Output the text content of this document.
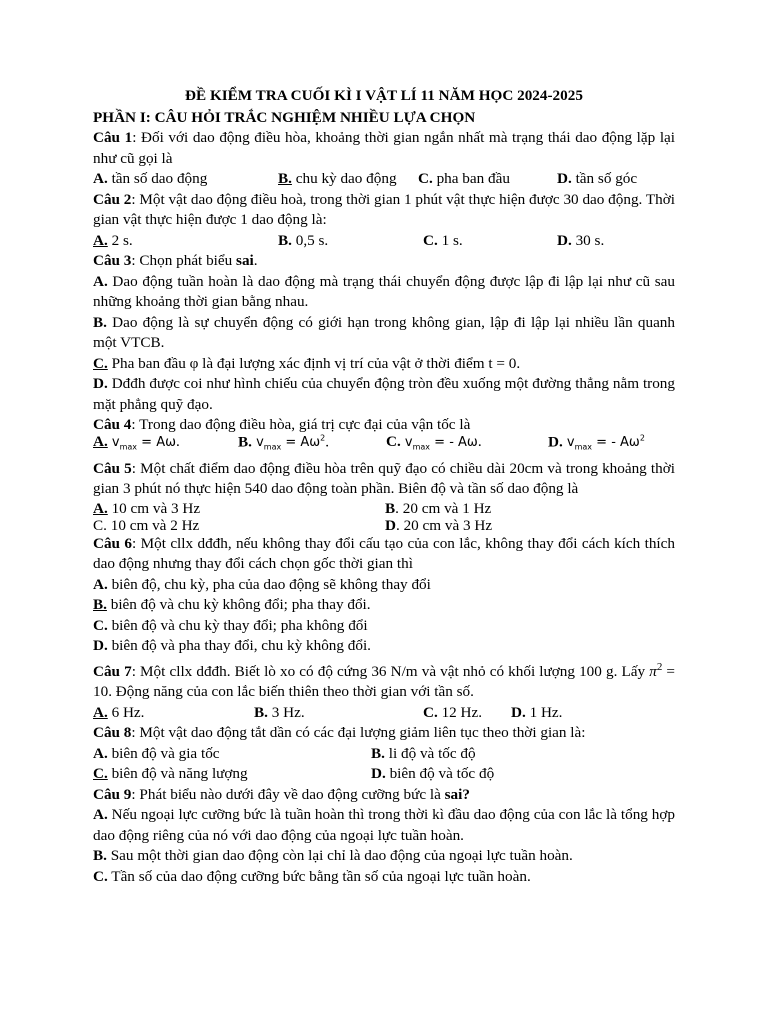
ĐỀ KIỂM TRA CUỐI KÌ I VẬT LÍ 11 NĂM HỌC 2024-2025
PHẦN I: CÂU HỎI TRẮC NGHIỆM NHIỀU LỰA CHỌN
Câu 1: Đối với dao động điều hòa, khoảng thời gian ngắn nhất mà trạng thái dao động lặp lại như cũ gọi là
A. tần số dao động	B. chu kỳ dao động	C. pha ban đầu	D. tần số góc
Câu 2: Một vật dao động điều hoà, trong thời gian 1 phút vật thực hiện được 30 dao động. Thời gian vật thực hiện được 1 dao động là:
A. 2 s.	B. 0,5 s.	C. 1 s.	D. 30 s.
Câu 3: Chọn phát biểu sai.
A. Dao động tuần hoàn là dao động mà trạng thái chuyển động được lập đi lập lại như cũ sau những khoảng thời gian bằng nhau.
B. Dao động là sự chuyển động có giới hạn trong không gian, lập đi lập lại nhiều lần quanh một VTCB.
C. Pha ban đầu φ là đại lượng xác định vị trí của vật ở thời điểm t = 0.
D. Dđđh được coi như hình chiếu của chuyển động tròn đều xuống một đường thẳng nằm trong mặt phẳng quỹ đạo.
Câu 4: Trong dao động điều hòa, giá trị cực đại của vận tốc là
A. $v_{max} = A\omega$.	B. $v_{max} = A\omega^2$.	C. $v_{max}$ = - Aω.	D. $v_{max}$ = - $A\omega^2$
Câu 5: Một chất điểm dao động điều hòa trên quỹ đạo có chiều dài 20cm và trong khoảng thời gian 3 phút nó thực hiện 540 dao động toàn phần. Biên độ và tần số dao động là
A. 10 cm và 3 Hz	B. 20 cm và 1 Hz
C. 10 cm và 2 Hz	D. 20 cm và 3 Hz
Câu 6: Một cllx dđđh, nếu không thay đổi cấu tạo của con lắc, không thay đổi cách kích thích dao động nhưng thay đổi cách chọn gốc thời gian thì
A. biên độ, chu kỳ, pha của dao động sẽ không thay đổi
B. biên độ và chu kỳ không đổi; pha thay đổi.
C. biên độ và chu kỳ thay đổi; pha không đổi
D. biên độ và pha thay đổi, chu kỳ không đổi.
Câu 7: Một cllx dđđh. Biết lò xo có độ cứng 36 N/m và vật nhỏ có khối lượng 100 g. Lấy $\pi^2 = 10$. Động năng của con lắc biến thiên theo thời gian với tần số.
A. 6 Hz.	B. 3 Hz.	C. 12 Hz.	D. 1 Hz.
Câu 8: Một vật dao động tắt dần có các đại lượng giảm liên tục theo thời gian là:
A. biên độ và gia tốc	B. li độ và tốc độ
C. biên độ và năng lượng	D. biên độ và tốc độ
Câu 9: Phát biểu nào dưới đây về dao động cưỡng bức là sai?
A. Nếu ngoại lực cưỡng bức là tuần hoàn thì trong thời kì đầu dao động của con lắc là tổng hợp dao động riêng của nó với dao động của ngoại lực tuần hoàn.
B. Sau một thời gian dao động còn lại chỉ là dao động của ngoại lực tuần hoàn.
C. Tần số của dao động cưỡng bức bằng tần số của ngoại lực tuần hoàn.
